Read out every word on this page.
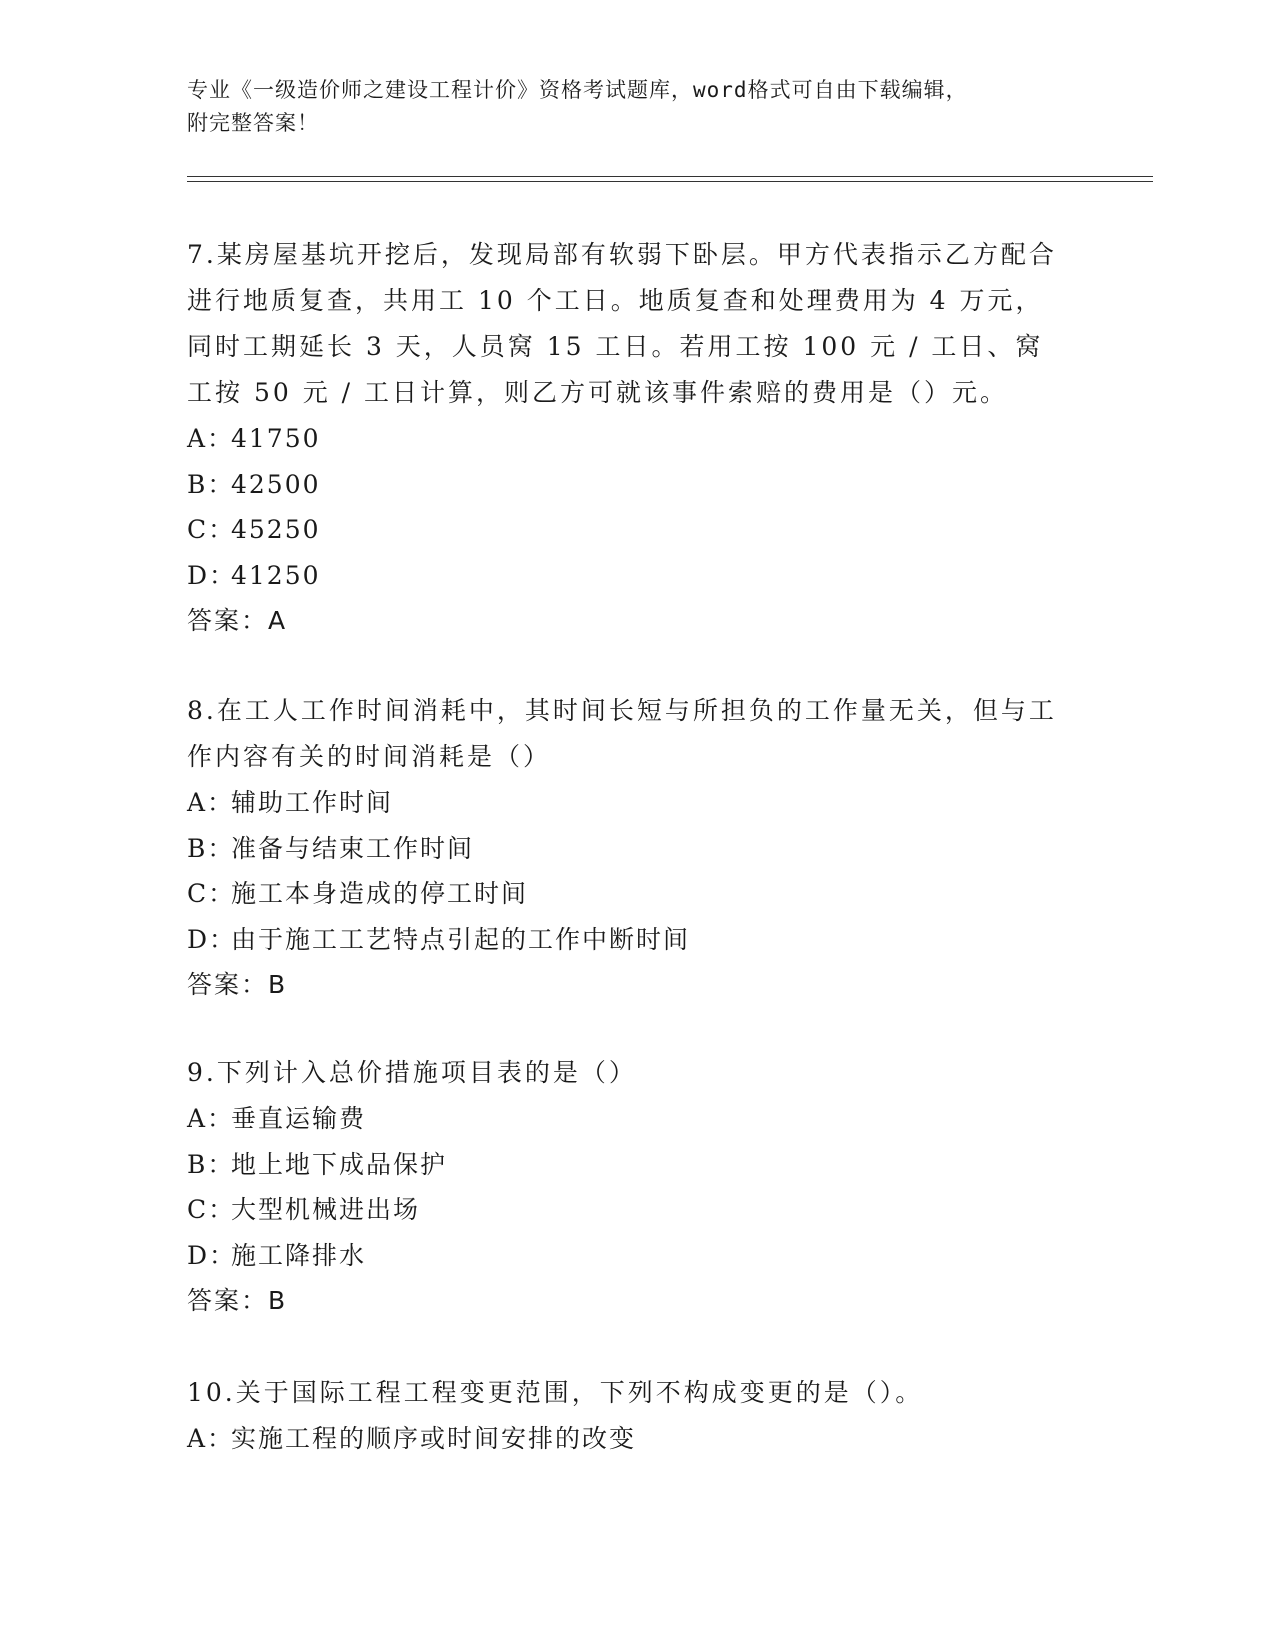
专业《一级造价师之建设工程计价》资格考试题库，word格式可自由下载编辑，
附完整答案！

7.某房屋基坑开挖后，发现局部有软弱下卧层。甲方代表指示乙方配合进行地质复查，共用工 10 个工日。地质复查和处理费用为 4 万元，同时工期延长 3 天，人员窝 15 工日。若用工按 100 元 / 工日、窝工按 50 元 / 工日计算，则乙方可就该事件索赔的费用是（）元。

A：41750

B：42500

C：45250

D：41250

答案：A

8.在工人工作时间消耗中，其时间长短与所担负的工作量无关，但与工作内容有关的时间消耗是（）

A：辅助工作时间

B：准备与结束工作时间

C：施工本身造成的停工时间

D：由于施工工艺特点引起的工作中断时间

答案：B

9.下列计入总价措施项目表的是（）

A：垂直运输费

B：地上地下成品保护

C：大型机械进出场

D：施工降排水

答案：B

10.关于国际工程工程变更范围，下列不构成变更的是（）。

A：实施工程的顺序或时间安排的改变
